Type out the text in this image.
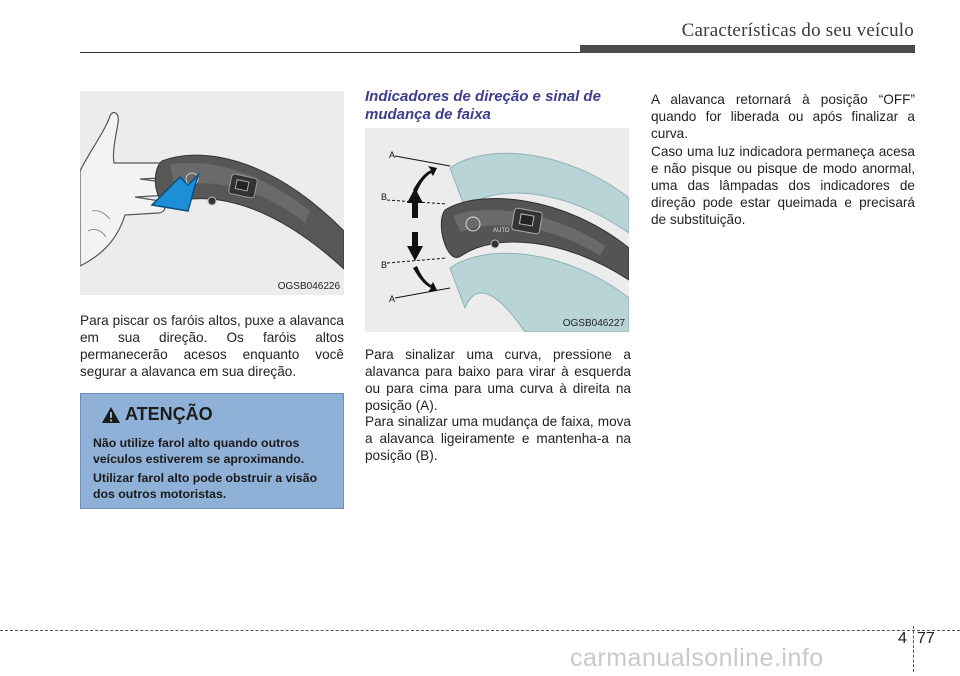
Características do seu veículo
OGSB046226

Para piscar os faróis altos, puxe a alavanca em sua direção. Os faróis altos permanecerão acesos enquanto você segurar a alavanca em sua direção.

ATENÇÃO

Não utilize farol alto quando outros veículos estiverem se aproximando.

Utilizar farol alto pode obstruir a visão dos outros motoristas.

Indicadores de direção e sinal de mudança de faixa
AUTO
A
B
B
A
OGSB046227

Para sinalizar uma curva, pressione a alavanca para baixo para virar à esquerda ou para cima para uma curva à direita na posição (A).

Para sinalizar uma mudança de faixa, mova a alavanca ligeiramente e mantenha-a na posição (B).

A alavanca retornará à posição “OFF” quando for liberada ou após finalizar a curva.

Caso uma luz indicadora permaneça acesa e não pisque ou pisque de modo anormal, uma das lâmpadas dos indicadores de direção pode estar queimada e precisará de substituição.

4 77
carmanualsonline.info
